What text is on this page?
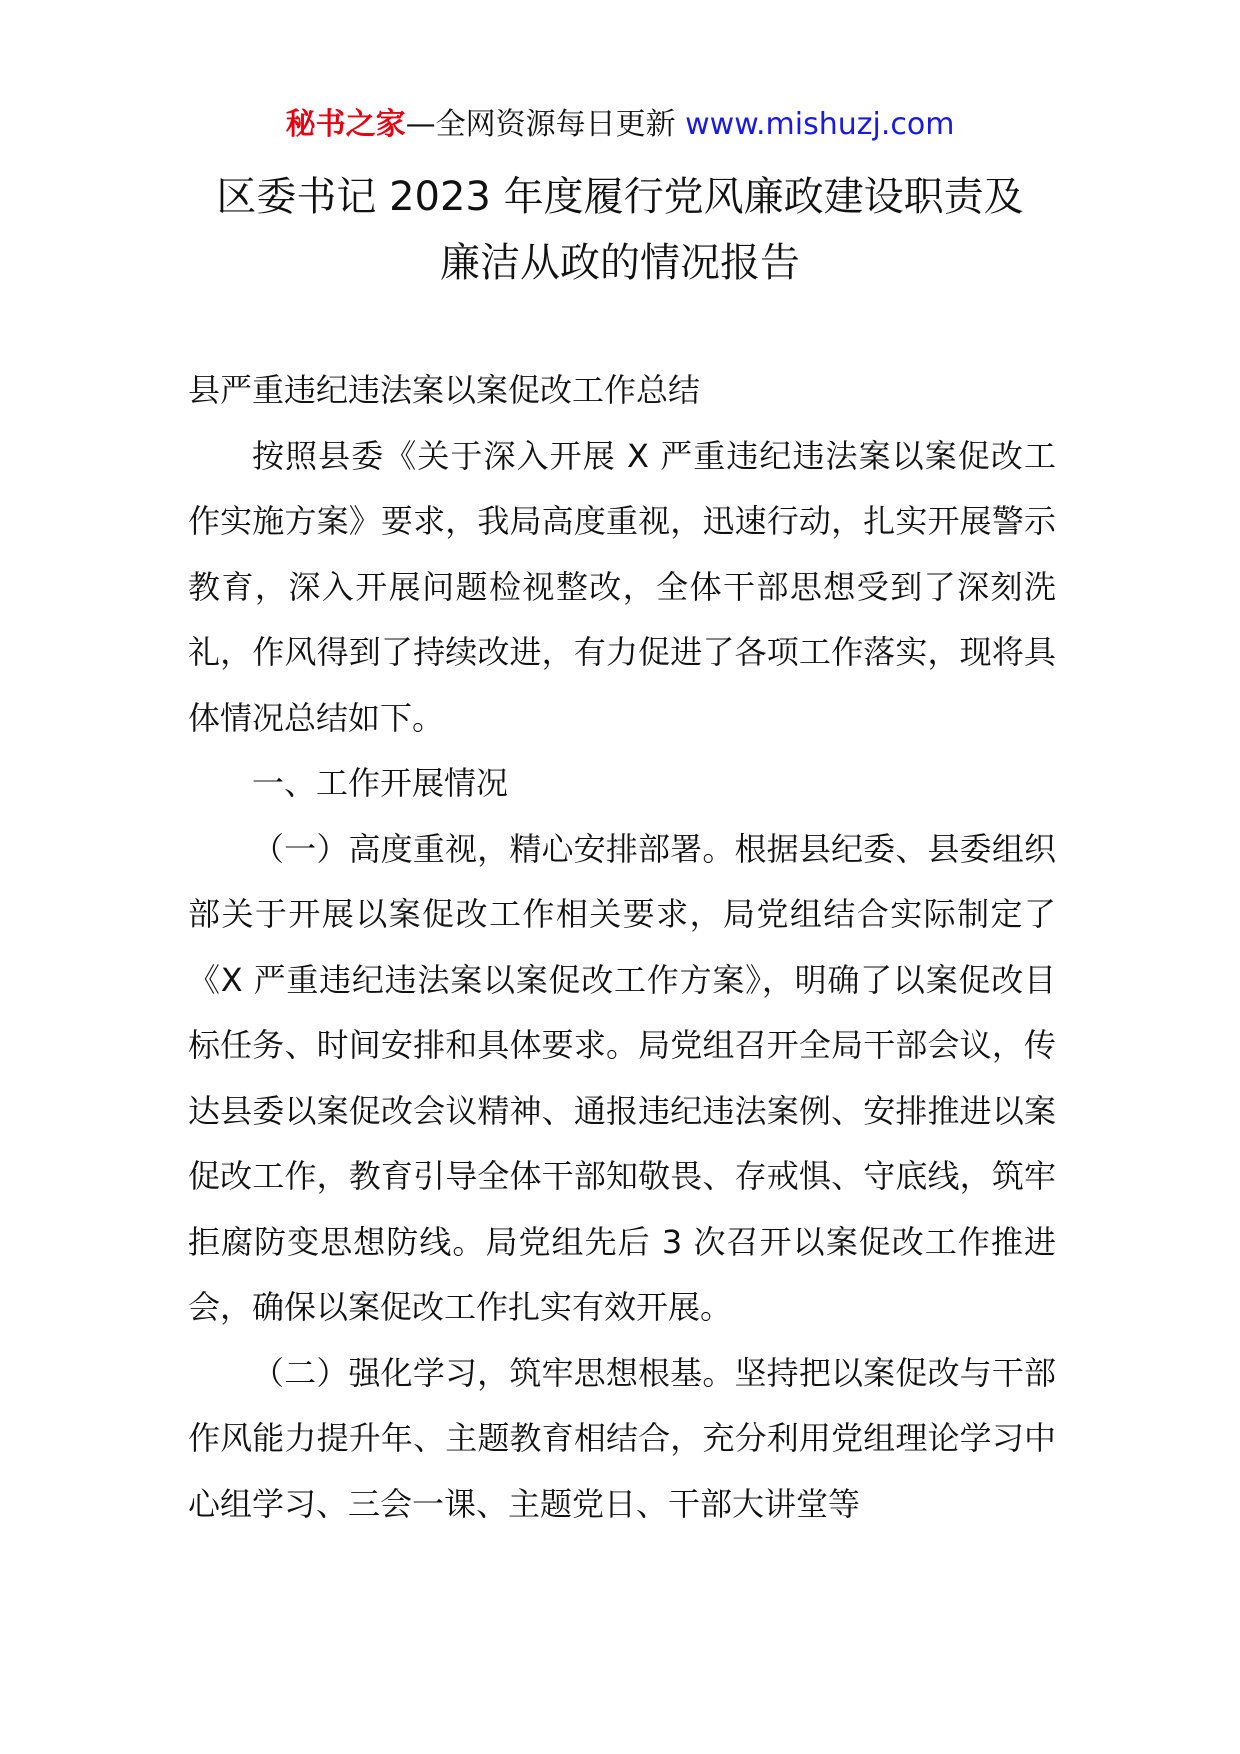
秘书之家—全网资源每日更新 www.mishuzj.com
区委书记 2023 年度履行党风廉政建设职责及
廉洁从政的情况报告

县严重违纪违法案以案促改工作总结

按照县委《关于深入开展 X 严重违纪违法案以案促改工作实施方案》要求，我局高度重视，迅速行动，扎实开展警示教育，深入开展问题检视整改，全体干部思想受到了深刻洗礼，作风得到了持续改进，有力促进了各项工作落实，现将具体情况总结如下。

一、工作开展情况

（一）高度重视，精心安排部署。根据县纪委、县委组织部关于开展以案促改工作相关要求，局党组结合实际制定了《X 严重违纪违法案以案促改工作方案》，明确了以案促改目标任务、时间安排和具体要求。局党组召开全局干部会议，传达县委以案促改会议精神、通报违纪违法案例、安排推进以案促改工作，教育引导全体干部知敬畏、存戒惧、守底线，筑牢拒腐防变思想防线。局党组先后 3 次召开以案促改工作推进会，确保以案促改工作扎实有效开展。

（二）强化学习，筑牢思想根基。坚持把以案促改与干部作风能力提升年、主题教育相结合，充分利用党组理论学习中心组学习、三会一课、主题党日、干部大讲堂等
